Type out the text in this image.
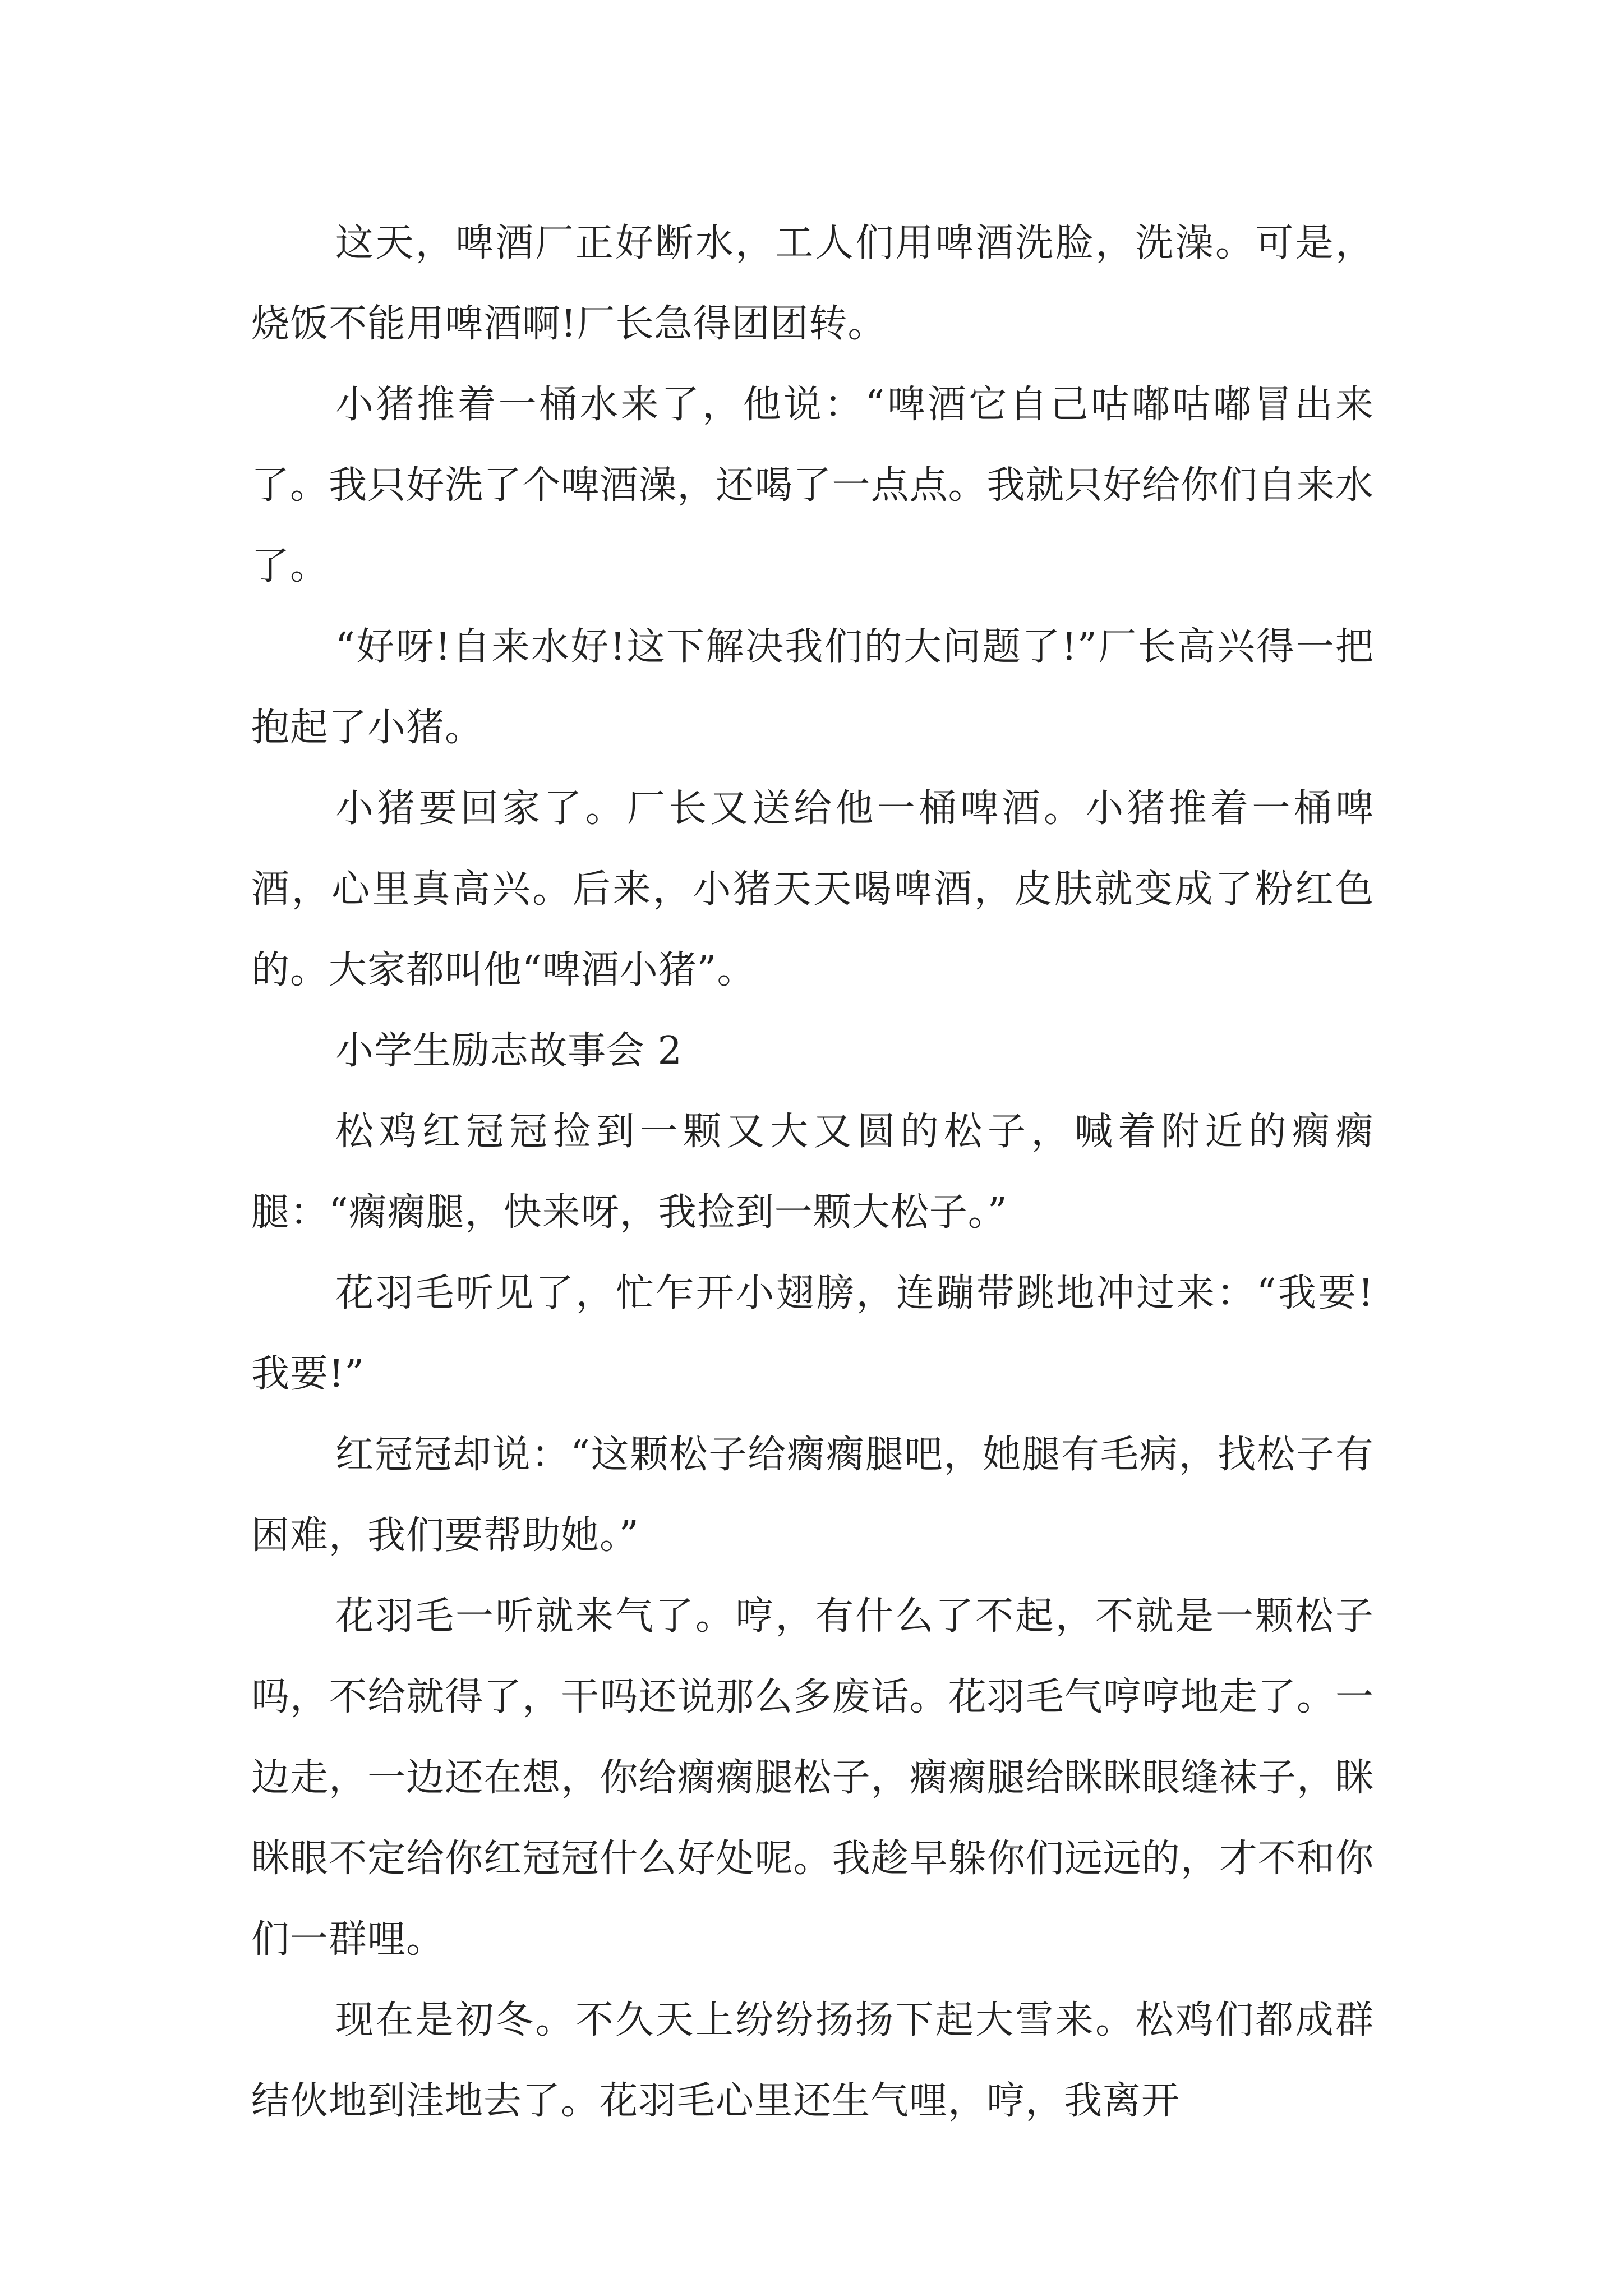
这天，啤酒厂正好断水，工人们用啤酒洗脸，洗澡。可是，烧饭不能用啤酒啊!厂长急得团团转。

小猪推着一桶水来了，他说：“啤酒它自己咕嘟咕嘟冒出来了。我只好洗了个啤酒澡，还喝了一点点。我就只好给你们自来水了。

“好呀!自来水好!这下解决我们的大问题了!”厂长高兴得一把抱起了小猪。

小猪要回家了。厂长又送给他一桶啤酒。小猪推着一桶啤酒，心里真高兴。后来，小猪天天喝啤酒，皮肤就变成了粉红色的。大家都叫他“啤酒小猪”。

小学生励志故事会 2

松鸡红冠冠捡到一颗又大又圆的松子，喊着附近的瘸瘸腿：“瘸瘸腿，快来呀，我捡到一颗大松子。”

花羽毛听见了，忙乍开小翅膀，连蹦带跳地冲过来：“我要!我要!”

红冠冠却说：“这颗松子给瘸瘸腿吧，她腿有毛病，找松子有困难，我们要帮助她。”

花羽毛一听就来气了。哼，有什么了不起，不就是一颗松子吗，不给就得了，干吗还说那么多废话。花羽毛气哼哼地走了。一边走，一边还在想，你给瘸瘸腿松子，瘸瘸腿给眯眯眼缝袜子，眯眯眼不定给你红冠冠什么好处呢。我趁早躲你们远远的，才不和你们一群哩。

现在是初冬。不久天上纷纷扬扬下起大雪来。松鸡们都成群结伙地到洼地去了。花羽毛心里还生气哩，哼，我离开
